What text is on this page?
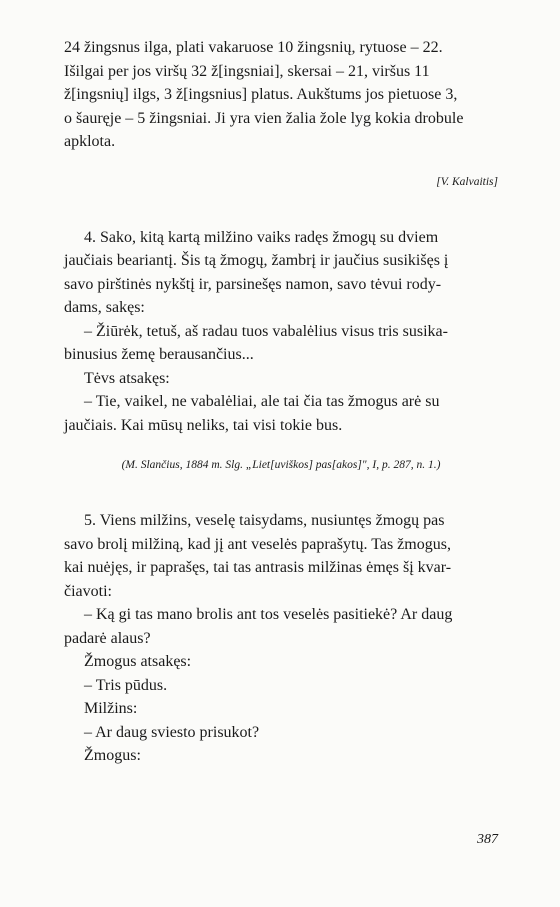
24 žingsnus ilga, plati vakaruose 10 žingsnių, rytuose – 22.

Išilgai per jos viršų 32 ž[ingsniai], skersai – 21, viršus 11

ž[ingsnių] ilgs, 3 ž[ingsnius] platus. Aukštums jos pietuose 3,

o šauręje – 5 žingsniai. Ji yra vien žalia žole lyg kokia drobule

apklota.

[V. Kalvaitis]

4. Sako, kitą kartą milžino vaiks radęs žmogų su dviem

jaučiais beariantį. Šis tą žmogų, žambrį ir jaučius susikišęs į

savo pirštinės nykštį ir, parsinešęs namon, savo tėvui rody-

dams, sakęs:

– Žiūrėk, tetuš, aš radau tuos vabalėlius visus tris susika-

binusius žemę berausančius...

Tėvs atsakęs:

– Tie, vaikel, ne vabalėliai, ale tai čia tas žmogus arė su

jaučiais. Kai mūsų neliks, tai visi tokie bus.

(M. Slančius, 1884 m. Slg. „Liet[uviškos] pas[akos]", I, p. 287, n. 1.)

5. Viens milžins, veselę taisydams, nusiuntęs žmogų pas

savo brolį milžiną, kad jį ant veselės paprašytų. Tas žmogus,

kai nuėjęs, ir paprašęs, tai tas antrasis milžinas ėmęs šį kvar-

čiavoti:

– Ką gi tas mano brolis ant tos veselės pasitiekė? Ar daug

padarė alaus?

Žmogus atsakęs:

– Tris pūdus.

Milžins:

– Ar daug sviesto prisukot?

Žmogus:

387
